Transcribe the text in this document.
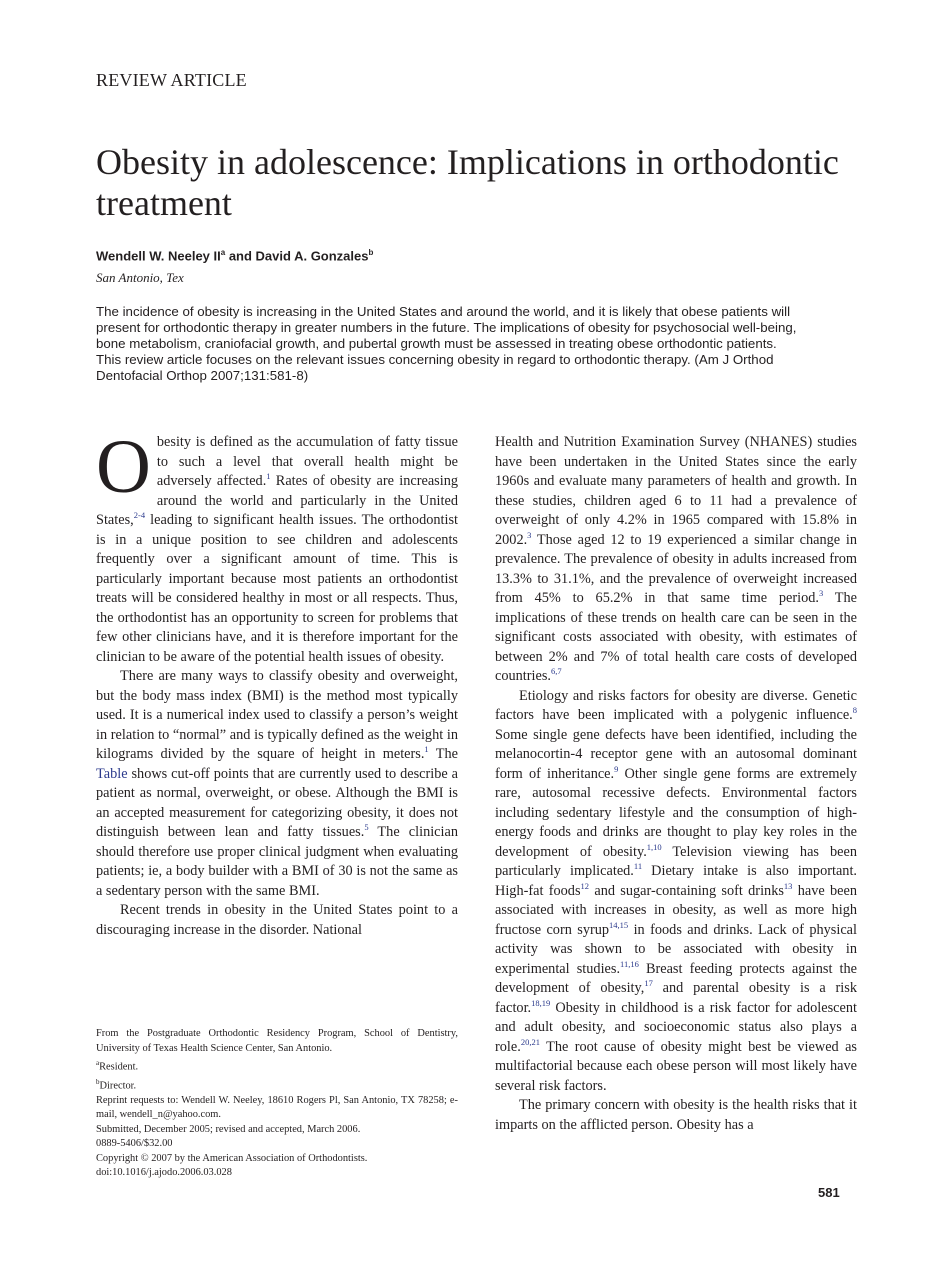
REVIEW ARTICLE
Obesity in adolescence: Implications in orthodontic treatment
Wendell W. Neeley $II^a$ and David A. Gonzales$^b$
San Antonio, Tex

The incidence of obesity is increasing in the United States and around the world, and it is likely that obese patients will present for orthodontic therapy in greater numbers in the future. The implications of obesity for psychosocial well-being, bone metabolism, craniofacial growth, and pubertal growth must be assessed in treating obese orthodontic patients. This review article focuses on the relevant issues concerning obesity in regard to orthodontic therapy. (Am J Orthod Dentofacial Orthop 2007;131:581-8)

Obesity is defined as the accumulation of fatty tissue to such a level that overall health might be adversely affected.$^1$ Rates of obesity are increasing around the world and particularly in the United States,$^{2-4}$ leading to significant health issues. The orthodontist is in a unique position to see children and adolescents frequently over a significant amount of time. This is particularly important because most patients an orthodontist treats will be considered healthy in most or all respects. Thus, the orthodontist has an opportunity to screen for problems that few other clinicians have, and it is therefore important for the clinician to be aware of the potential health issues of obesity.

There are many ways to classify obesity and overweight, but the body mass index (BMI) is the method most typically used. It is a numerical index used to classify a person’s weight in relation to “normal” and is typically defined as the weight in kilograms divided by the square of height in meters.$^1$ The Table shows cut-off points that are currently used to describe a patient as normal, overweight, or obese. Although the BMI is an accepted measurement for categorizing obesity, it does not distinguish between lean and fatty tissues.$^5$ The clinician should therefore use proper clinical judgment when evaluating patients; ie, a body builder with a BMI of 30 is not the same as a sedentary person with the same BMI.

Recent trends in obesity in the United States point to a discouraging increase in the disorder. National

From the Postgraduate Orthodontic Residency Program, School of Dentistry, University of Texas Health Science Center, San Antonio.
$^a$Resident.
$^b$Director.
Reprint requests to: Wendell W. Neeley, 18610 Rogers Pl, San Antonio, TX 78258; e-mail, wendell_n@yahoo.com.
Submitted, December 2005; revised and accepted, March 2006.
0889-5406/$32.00
Copyright © 2007 by the American Association of Orthodontists.
doi:10.1016/j.ajodo.2006.03.028

Health and Nutrition Examination Survey (NHANES) studies have been undertaken in the United States since the early 1960s and evaluate many parameters of health and growth. In these studies, children aged 6 to 11 had a prevalence of overweight of only 4.2% in 1965 compared with 15.8% in 2002.$^3$ Those aged 12 to 19 experienced a similar change in prevalence. The prevalence of obesity in adults increased from 13.3% to 31.1%, and the prevalence of overweight increased from 45% to 65.2% in that same time period.$^3$ The implications of these trends on health care can be seen in the significant costs associated with obesity, with estimates of between 2% and 7% of total health care costs of developed countries.$^{6,7}$

Etiology and risks factors for obesity are diverse. Genetic factors have been implicated with a polygenic influence.$^8$ Some single gene defects have been identified, including the melanocortin-4 receptor gene with an autosomal dominant form of inheritance.$^9$ Other single gene forms are extremely rare, autosomal recessive defects. Environmental factors including sedentary lifestyle and the consumption of high-energy foods and drinks are thought to play key roles in the development of obesity.$^{1,10}$ Television viewing has been particularly implicated.$^{11}$ Dietary intake is also important. High-fat foods$^{12}$ and sugar-containing soft drinks$^{13}$ have been associated with increases in obesity, as well as more high fructose corn syrup$^{14,15}$ in foods and drinks. Lack of physical activity was shown to be associated with obesity in experimental studies.$^{11,16}$ Breast feeding protects against the development of obesity,$^{17}$ and parental obesity is a risk factor.$^{18,19}$ Obesity in childhood is a risk factor for adolescent and adult obesity, and socioeconomic status also plays a role.$^{20,21}$ The root cause of obesity might best be viewed as multifactorial because each obese person will most likely have several risk factors.

The primary concern with obesity is the health risks that it imparts on the afflicted person. Obesity has a

581
